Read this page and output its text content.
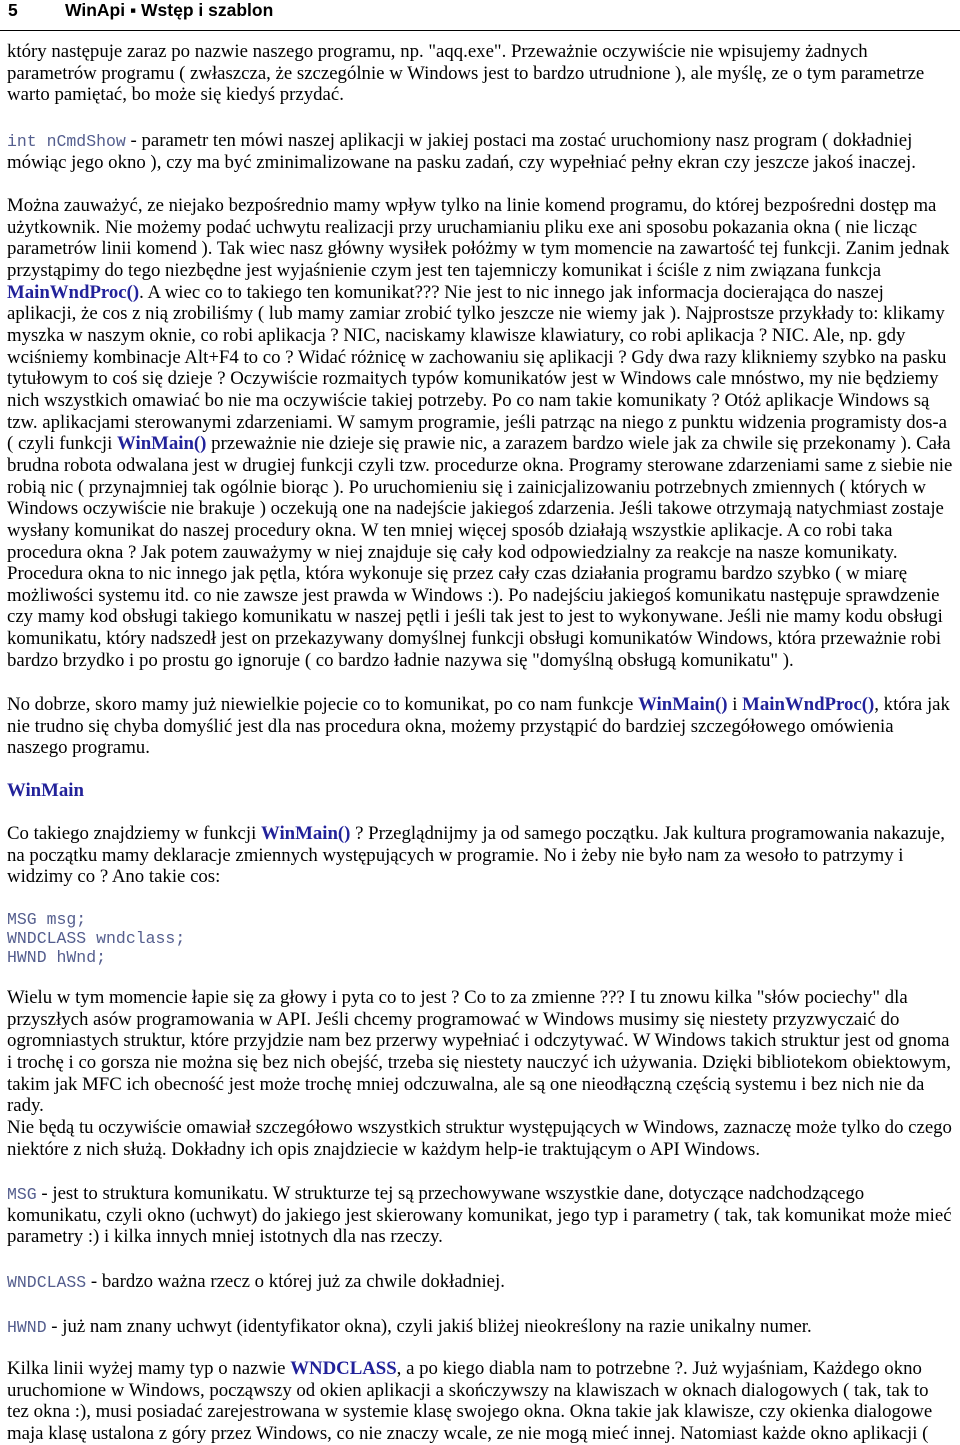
5	WinApi ▪ Wstęp i szablon
który następuje zaraz po nazwie naszego programu, np. "aqq.exe". Przeważnie oczywiście nie wpisujemy żadnych
parametrów programu ( zwłaszcza, że szczególnie w Windows jest to bardzo utrudnione ), ale myślę, ze o tym parametrze
warto pamiętać, bo może się kiedyś przydać.
int nCmdShow - parametr ten mówi naszej aplikacji w jakiej postaci ma zostać uruchomiony nasz program ( dokładniej
mówiąc jego okno ), czy ma być zminimalizowane na pasku zadań, czy wypełniać pełny ekran czy jeszcze jakoś inaczej.
Można zauważyć, ze niejako bezpośrednio mamy wpływ tylko na linie komend programu, do której bezpośredni dostęp ma
użytkownik. Nie możemy podać uchwytu realizacji przy uruchamianiu pliku exe ani sposobu pokazania okna ( nie licząc
parametrów linii komend ). Tak wiec nasz główny wysiłek połóżmy w tym momencie na zawartość tej funkcji. Zanim jednak
przystąpimy do tego niezbędne jest wyjaśnienie czym jest ten tajemniczy komunikat i ściśle z nim związana funkcja
MainWndProc(). A wiec co to takiego ten komunikat??? Nie jest to nic innego jak informacja docierająca do naszej
aplikacji, że cos z nią zrobiliśmy ( lub mamy zamiar zrobić tylko jeszcze nie wiemy jak ). Najprostsze przykłady to: klikamy
myszka w naszym oknie, co robi aplikacja ? NIC, naciskamy klawisze klawiatury, co robi aplikacja ? NIC. Ale, np. gdy
wciśniemy kombinacje Alt+F4 to co ? Widać różnicę w zachowaniu się aplikacji ? Gdy dwa razy klikniemy szybko na pasku
tytułowym to coś się dzieje ? Oczywiście rozmaitych typów komunikatów jest w Windows cale mnóstwo, my nie będziemy
nich wszystkich omawiać bo nie ma oczywiście takiej potrzeby. Po co nam takie komunikaty ? Otóż aplikacje Windows są
tzw. aplikacjami sterowanymi zdarzeniami. W samym programie, jeśli patrząc na niego z punktu widzenia programisty dos-a
( czyli funkcji WinMain() przeważnie nie dzieje się prawie nic, a zarazem bardzo wiele jak za chwile się przekonamy ). Cała
brudna robota odwalana jest w drugiej funkcji czyli tzw. procedurze okna. Programy sterowane zdarzeniami same z siebie nie
robią nic ( przynajmniej tak ogólnie biorąc ). Po uruchomieniu się i zainicjalizowaniu potrzebnych zmiennych ( których w
Windows oczywiście nie brakuje ) oczekują one na nadejście jakiegoś zdarzenia. Jeśli takowe otrzymają natychmiast zostaje
wysłany komunikat do naszej procedury okna. W ten mniej więcej sposób działają wszystkie aplikacje. A co robi taka
procedura okna ? Jak potem zauważymy w niej znajduje się cały kod odpowiedzialny za reakcje na nasze komunikaty.
Procedura okna to nic innego jak pętla, która wykonuje się przez cały czas działania programu bardzo szybko ( w miarę
możliwości systemu itd. co nie zawsze jest prawda w Windows :). Po nadejściu jakiegoś komunikatu następuje sprawdzenie
czy mamy kod obsługi takiego komunikatu w naszej pętli i jeśli tak jest to jest to wykonywane. Jeśli nie mamy kodu obsługi
komunikatu, który nadszedł jest on przekazywany domyślnej funkcji obsługi komunikatów Windows, która przeważnie robi
bardzo brzydko i po prostu go ignoruje ( co bardzo ładnie nazywa się "domyślną obsługą komunikatu" ).
No dobrze, skoro mamy już niewielkie pojecie co to komunikat, po co nam funkcje WinMain() i MainWndProc(), która jak
nie trudno się chyba domyślić jest dla nas procedura okna, możemy przystąpić do bardziej szczegółowego omówienia
naszego programu.
WinMain
Co takiego znajdziemy w funkcji WinMain() ? Przeglądnijmy ja od samego początku. Jak kultura programowania nakazuje,
na początku mamy deklaracje zmiennych występujących w programie. No i żeby nie było nam za wesoło to patrzymy i
widzimy co ? Ano takie cos:
MSG msg;
WNDCLASS wndclass;
HWND hWnd;
Wielu w tym momencie łapie się za głowy i pyta co to jest ? Co to za zmienne ??? I tu znowu kilka "słów pociechy" dla
przyszłych asów programowania w API. Jeśli chcemy programować w Windows musimy się niestety przyzwyczaić do
ogromniastych struktur, które przyjdzie nam bez przerwy wypełniać i odczytywać. W Windows takich struktur jest od gnoma
i trochę i co gorsza nie można się bez nich obejść, trzeba się niestety nauczyć ich używania. Dzięki bibliotekom obiektowym,
takim jak MFC ich obecność jest może trochę mniej odczuwalna, ale są one nieodłączną częścią systemu i bez nich nie da
rady.
Nie będą tu oczywiście omawiał szczegółowo wszystkich struktur występujących w Windows, zaznaczę może tylko do czego
niektóre z nich służą. Dokładny ich opis znajdziecie w każdym help-ie traktującym o API Windows.
MSG - jest to struktura komunikatu. W strukturze tej są przechowywane wszystkie dane, dotyczące nadchodzącego
komunikatu, czyli okno (uchwyt) do jakiego jest skierowany komunikat, jego typ i parametry ( tak, tak komunikat może mieć
parametry :) i kilka innych mniej istotnych dla nas rzeczy.
WNDCLASS - bardzo ważna rzecz o której już za chwile dokładniej.
HWND - już nam znany uchwyt (identyfikator okna), czyli jakiś bliżej nieokreślony na razie unikalny numer.
Kilka linii wyżej mamy typ o nazwie WNDCLASS, a po kiego diabla nam to potrzebne ?. Już wyjaśniam, Każdego okno
uruchomione w Windows, począwszy od okien aplikacji a skończywszy na klawiszach w oknach dialogowych ( tak, tak to
tez okna :), musi posiadać zarejestrowana w systemie klasę swojego okna. Okna takie jak klawisze, czy okienka dialogowe
maja klasę ustalona z góry przez Windows, co nie znaczy wcale, ze nie mogą mieć innej. Natomiast każde okno aplikacji (
